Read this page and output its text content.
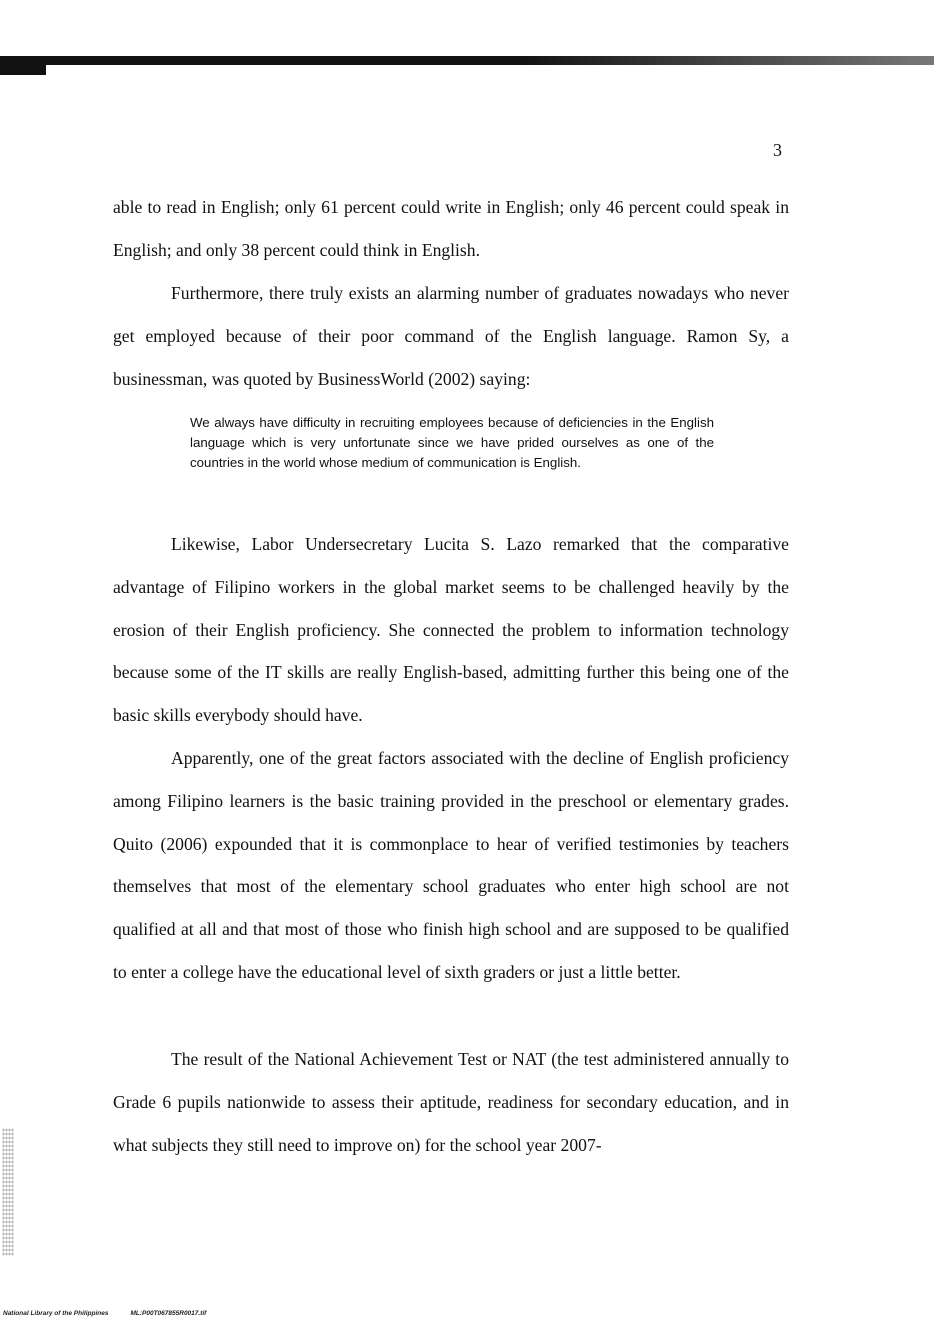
3

able to read in English; only 61 percent could write in English; only 46 percent could speak in English; and only 38 percent could think in English.

Furthermore, there truly exists an alarming number of graduates nowadays who never get employed because of their poor command of the English language. Ramon Sy, a businessman, was quoted by BusinessWorld (2002) saying:

We always have difficulty in recruiting employees because of deficiencies in the English language which is very unfortunate since we have prided ourselves as one of the countries in the world whose medium of communication is English.

Likewise, Labor Undersecretary Lucita S. Lazo remarked that the comparative advantage of Filipino workers in the global market seems to be challenged heavily by the erosion of their English proficiency. She connected the problem to information technology because some of the IT skills are really English-based, admitting further this being one of the basic skills everybody should have.

Apparently, one of the great factors associated with the decline of English proficiency among Filipino learners is the basic training provided in the preschool or elementary grades. Quito (2006) expounded that it is commonplace to hear of verified testimonies by teachers themselves that most of the elementary school graduates who enter high school are not qualified at all and that most of those who finish high school and are supposed to be qualified to enter a college have the educational level of sixth graders or just a little better.

The result of the National Achievement Test or NAT (the test administered annually to Grade 6 pupils nationwide to assess their aptitude, readiness for secondary education, and in what subjects they still need to improve on) for the school year 2007-

National Library of the Philippines	ML:P00T067855R0017.tif
